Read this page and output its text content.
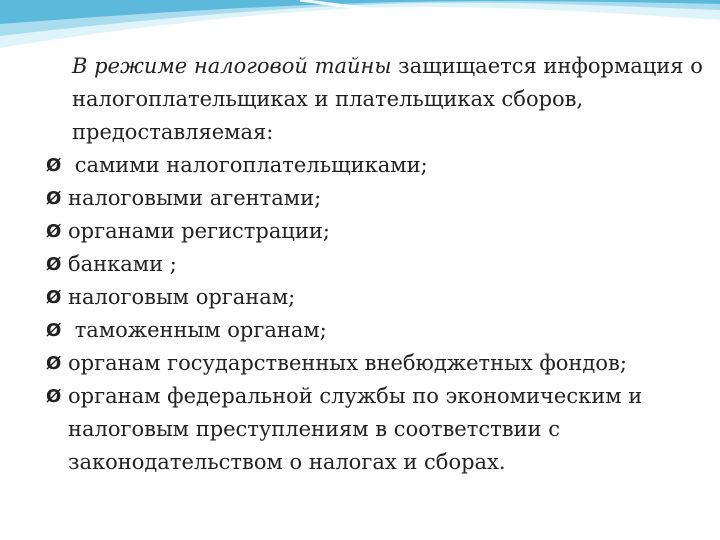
В режиме налоговой тайны защищается информация о налогоплательщиках и плательщиках сборов, предоставляемая:
Ø самими налогоплательщиками;
Ø налоговыми агентами;
Ø органами регистрации;
Ø банками ;
Ø налоговым органам;
Ø таможенным органам;
Ø органам государственных внебюджетных фондов;
Ø органам федеральной службы по экономическим и налоговым преступлениям в соответствии с законодательством о налогах и сборах.
